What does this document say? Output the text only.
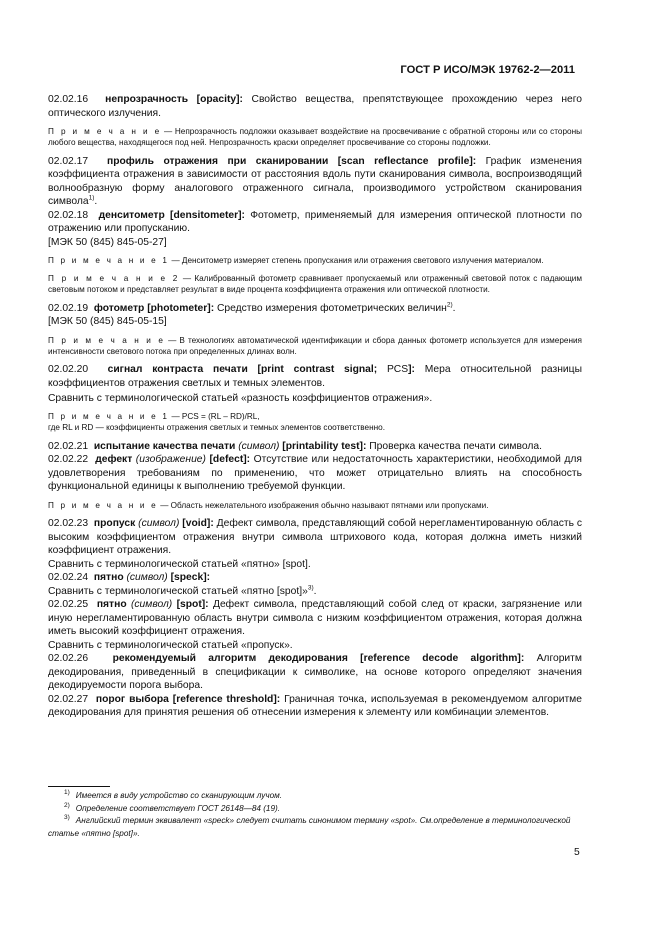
ГОСТ Р ИСО/МЭК 19762-2—2011

02.02.16 непрозрачность [opacity]: Свойство вещества, препятствующее прохождению через него оптического излучения.

П р и м е ч а н и е — Непрозрачность подложки оказывает воздействие на просвечивание с обратной стороны или со стороны любого вещества, находящегося под ней. Непрозрачность краски определяет просвечивание со стороны подложки.

02.02.17 профиль отражения при сканировании [scan reflectance profile]: График изменения коэффициента отражения в зависимости от расстояния вдоль пути сканирования символа, воспроизводящий волнообразную форму аналогового отраженного сигнала, производимого устройством сканирования символа$^{1)}$.

02.02.18 денситометр [densitometer]: Фотометр, применяемый для измерения оптической плотности по отражению или пропусканию.

[МЭК 50 (845) 845-05-27]

П р и м е ч а н и е 1 — Денситометр измеряет степень пропускания или отражения светового излучения материалом.

П р и м е ч а н и е 2 — Калиброванный фотометр сравнивает пропускаемый или отраженный световой поток с падающим световым потоком и представляет результат в виде процента коэффициента отражения или оптической плотности.

02.02.19 фотометр [photometer]: Средство измерения фотометрических величин$^{2)}$.

[МЭК 50 (845) 845-05-15]

П р и м е ч а н и е — В технологиях автоматической идентификации и сбора данных фотометр используется для измерения интенсивности светового потока при определенных длинах волн.

02.02.20 сигнал контраста печати [print contrast signal; PCS]: Мера относительной разницы коэффициентов отражения светлых и темных элементов.

Сравнить с терминологической статьей «разность коэффициентов отражения».

П р и м е ч а н и е 1 — PCS = (RL – RD)/RL,

где RL и RD — коэффициенты отражения светлых и темных элементов соответственно.

02.02.21 испытание качества печати (символ) [printability test]: Проверка качества печати символа.

02.02.22 дефект (изображение) [defect]: Отсутствие или недостаточность характеристики, необходимой для удовлетворения требованиям по применению, что может отрицательно влиять на способность функциональной единицы к выполнению требуемой функции.

П р и м е ч а н и е — Область нежелательного изображения обычно называют пятнами или пропусками.

02.02.23 пропуск (символ) [void]: Дефект символа, представляющий собой нерегламентированную область с высоким коэффициентом отражения внутри символа штрихового кода, которая должна иметь низкий коэффициент отражения.

Сравнить с терминологической статьей «пятно» [spot].

02.02.24 пятно (символ) [speck]:

Сравнить с терминологической статьей «пятно [spot]»$^{3)}$.

02.02.25 пятно (символ) [spot]: Дефект символа, представляющий собой след от краски, загрязнение или иную нерегламентированную область внутри символа с низким коэффициентом отражения, которая должна иметь высокий коэффициент отражения.

Сравнить с терминологической статьей «пропуск».

02.02.26 рекомендуемый алгоритм декодирования [reference decode algorithm]: Алгоритм декодирования, приведенный в спецификации к символике, на основе которого определяют значения декодируемости порога выбора.

02.02.27 порог выбора [reference threshold]: Граничная точка, используемая в рекомендуемом алгоритме декодирования для принятия решения об отнесении измерения к элементу или комбинации элементов.

$^{1)}$ Имеется в виду устройство со сканирующим лучом.

$^{2)}$ Определение соответствует ГОСТ 26148—84 (19).

$^{3)}$ Английский термин эквивалент «speck» следует считать синонимом термину «spot». См.определение в терминологической статье «пятно [spot]».

5
